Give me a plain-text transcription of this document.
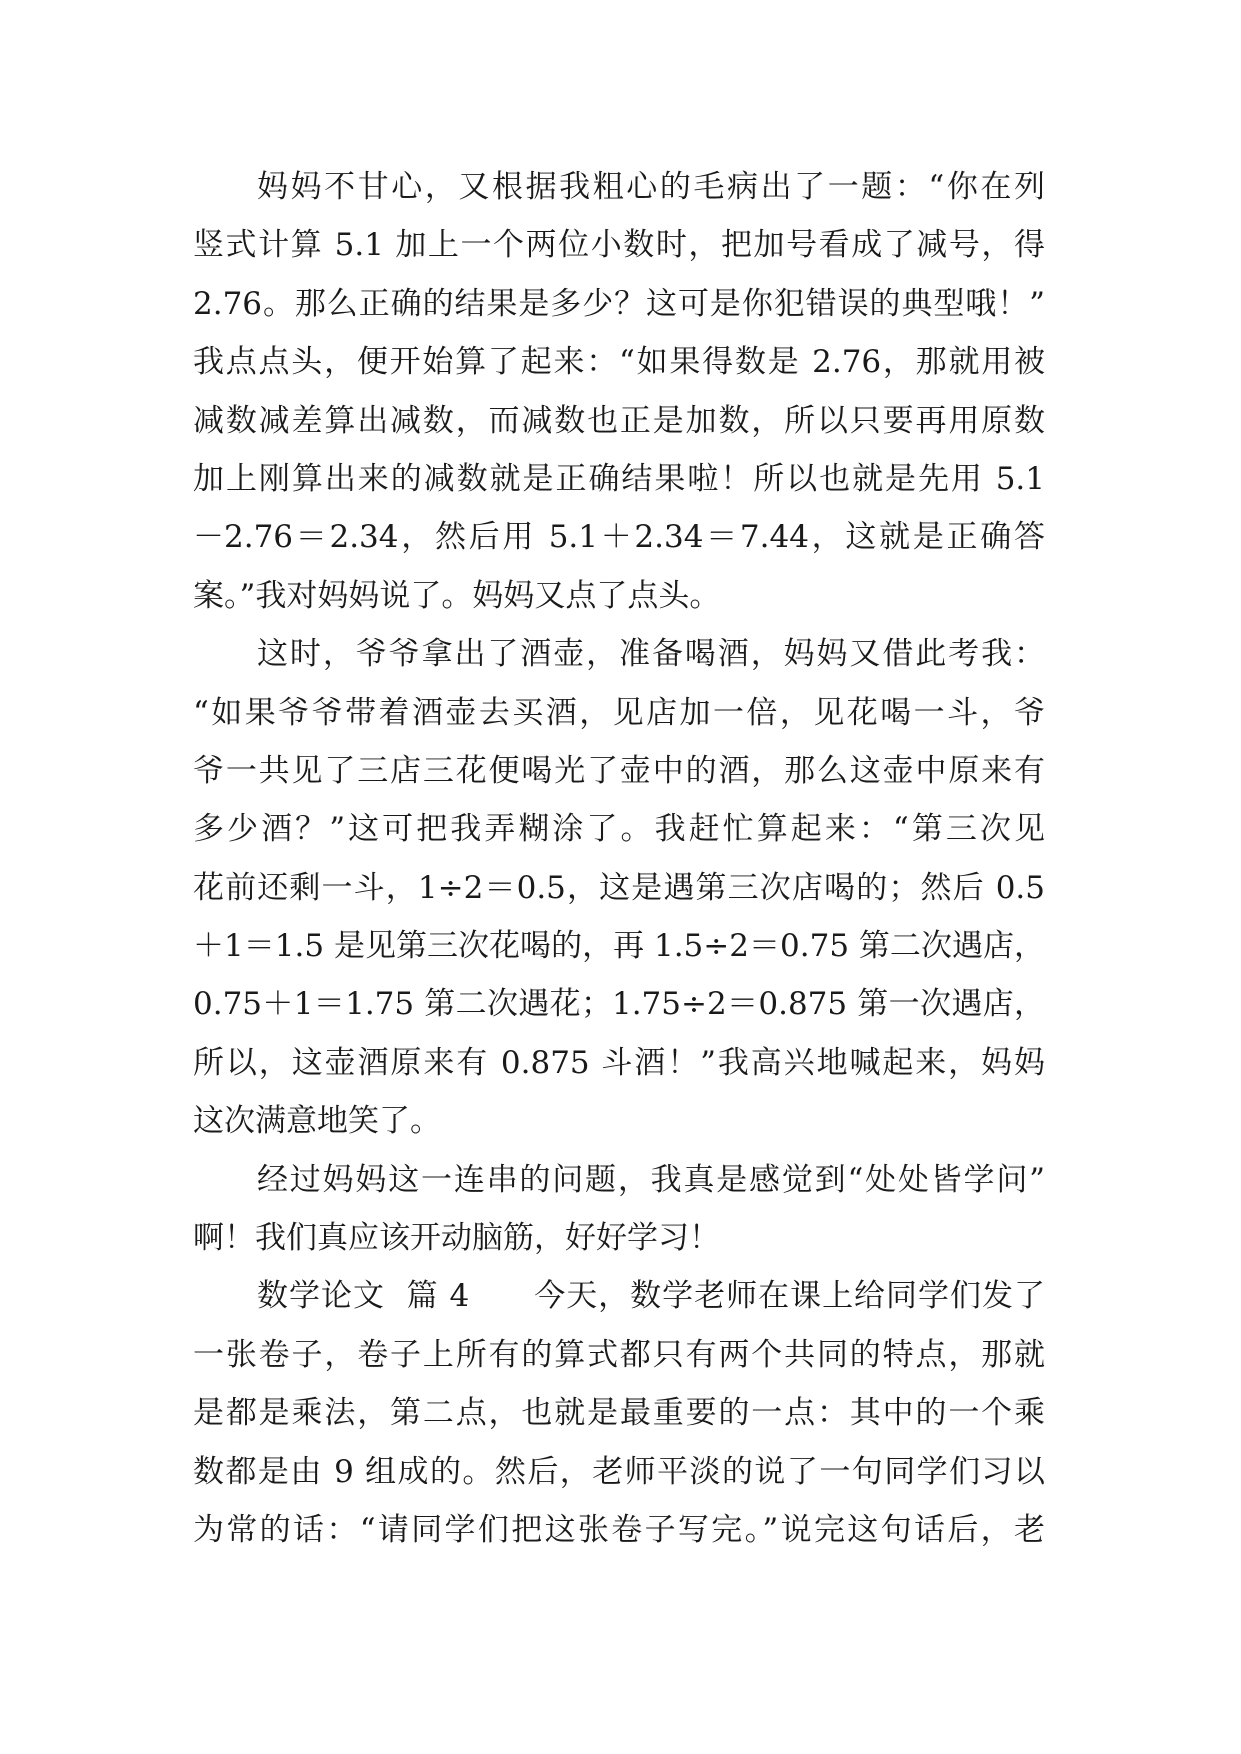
妈妈不甘心，又根据我粗心的毛病出了一题：“你在列
竖式计算 5.1 加上一个两位小数时，把加号看成了减号，得
2.76。那么正确的结果是多少？这可是你犯错误的典型哦！”
我点点头，便开始算了起来：“如果得数是 2.76，那就用被
减数减差算出减数，而减数也正是加数，所以只要再用原数
加上刚算出来的减数就是正确结果啦！所以也就是先用 5.1
－2.76＝2.34，然后用 5.1＋2.34＝7.44，这就是正确答
案。”我对妈妈说了。妈妈又点了点头。
这时，爷爷拿出了酒壶，准备喝酒，妈妈又借此考我：
“如果爷爷带着酒壶去买酒，见店加一倍，见花喝一斗，爷
爷一共见了三店三花便喝光了壶中的酒，那么这壶中原来有
多少酒？”这可把我弄糊涂了。我赶忙算起来：“第三次见
花前还剩一斗，1÷2＝0.5，这是遇第三次店喝的；然后 0.5
＋1＝1.5 是见第三次花喝的，再 1.5÷2＝0.75 第二次遇店，
0.75＋1＝1.75 第二次遇花；1.75÷2＝0.875 第一次遇店，
所以，这壶酒原来有 0.875 斗酒！”我高兴地喊起来，妈妈
这次满意地笑了。
经过妈妈这一连串的问题，我真是感觉到“处处皆学问”
啊！我们真应该开动脑筋，好好学习！
数学论文  篇 4      今天，数学老师在课上给同学们发了
一张卷子，卷子上所有的算式都只有两个共同的特点，那就
是都是乘法，第二点，也就是最重要的一点：其中的一个乘
数都是由 9 组成的。然后，老师平淡的说了一句同学们习以
为常的话：“请同学们把这张卷子写完。”说完这句话后，老
